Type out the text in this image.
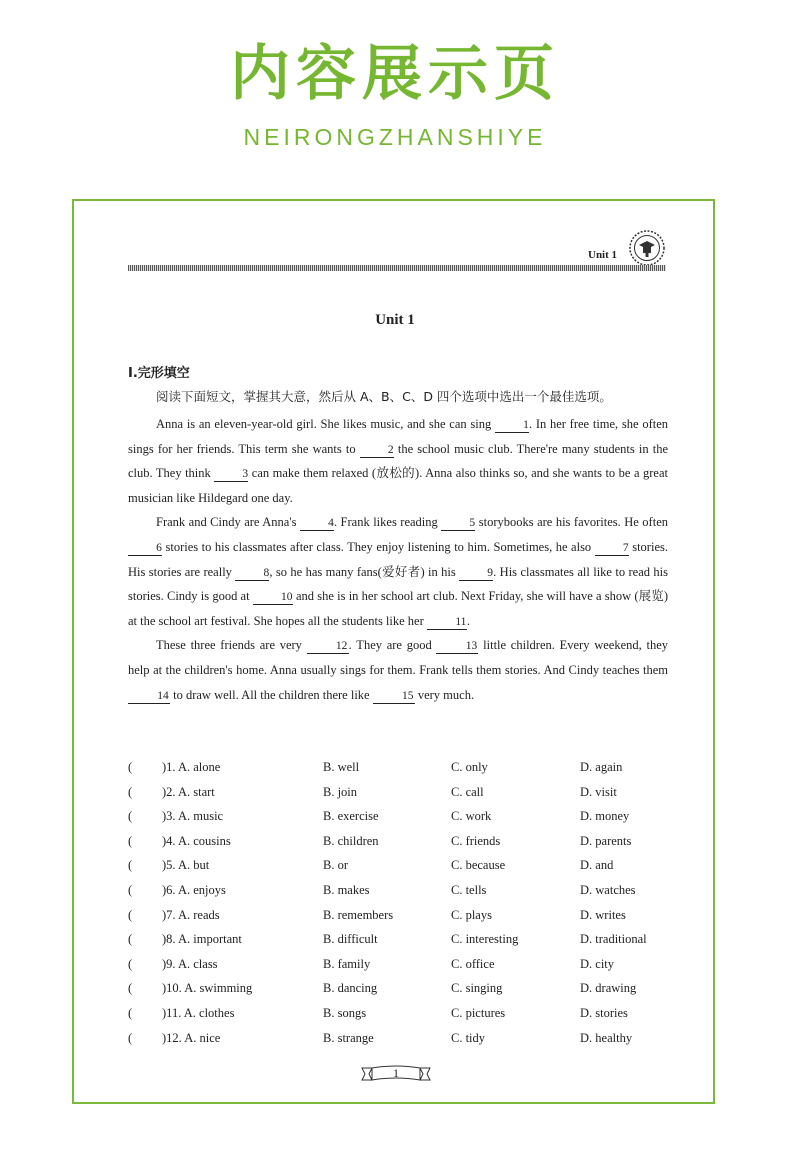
内容展示页
NEIRONGZHANSHIYE
Unit 1
Unit 1
Ⅰ.完形填空
阅读下面短文，掌握其大意，然后从 A、B、C、D 四个选项中选出一个最佳选项。

Anna is an eleven-year-old girl. She likes music, and she can sing 1. In her free time, she often sings for her friends. This term she wants to 2 the school music club. There're many students in the club. They think 3 can make them relaxed (放松的). Anna also thinks so, and she wants to be a great musician like Hildegard one day.

Frank and Cindy are Anna's 4. Frank likes reading 5 storybooks are his favorites. He often 6 stories to his classmates after class. They enjoy listening to him. Sometimes, he also 7 stories. His stories are really 8, so he has many fans(爱好者) in his 9. His classmates all like to read his stories. Cindy is good at 10 and she is in her school art club. Next Friday, she will have a show (展览) at the school art festival. She hopes all the students like her 11.

These three friends are very	12. They are good	13 little children. Every weekend, they help at the children's home. Anna usually sings for them. Frank tells them stories. And Cindy teaches them 14 to draw well. All the children there like	15 very much.

( )1. A. alone	B. well	C. only	D. again
( )2. A. start	B. join	C. call	D. visit
( )3. A. music	B. exercise	C. work	D. money
( )4. A. cousins	B. children	C. friends	D. parents
( )5. A. but	B. or	C. because	D. and
( )6. A. enjoys	B. makes	C. tells	D. watches
( )7. A. reads	B. remembers	C. plays	D. writes
( )8. A. important	B. difficult	C. interesting	D. traditional
( )9. A. class	B. family	C. office	D. city
( )10. A. swimming	B. dancing	C. singing	D. drawing
( )11. A. clothes	B. songs	C. pictures	D. stories
( )12. A. nice	B. strange	C. tidy	D. healthy
1
